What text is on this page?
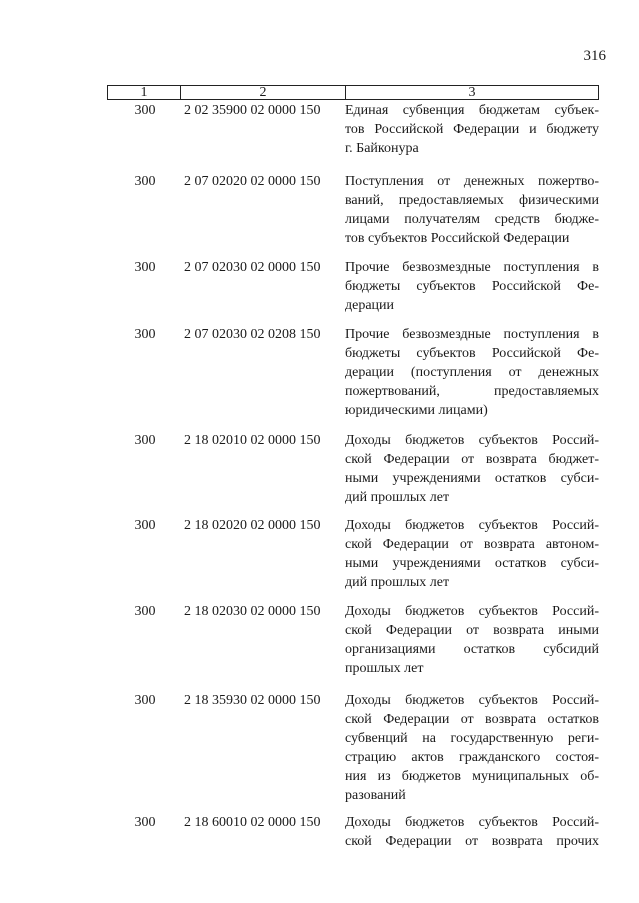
316
1	2	3
300	2 02 35900 02 0000 150	Единая субвенция бюджетам субъек-
тов Российской Федерации и бюджету
г. Байконура
300	2 07 02020 02 0000 150	Поступления от денежных пожертво-
ваний, предоставляемых физическими
лицами получателям средств бюдже-
тов субъектов Российской Федерации
300	2 07 02030 02 0000 150	Прочие безвозмездные поступления в
бюджеты субъектов Российской Фе-
дерации
300	2 07 02030 02 0208 150	Прочие безвозмездные поступления в
бюджеты субъектов Российской Фе-
дерации (поступления от денежных
пожертвований, предоставляемых
юридическими лицами)
300	2 18 02010 02 0000 150	Доходы бюджетов субъектов Россий-
ской Федерации от возврата бюджет-
ными учреждениями остатков субси-
дий прошлых лет
300	2 18 02020 02 0000 150	Доходы бюджетов субъектов Россий-
ской Федерации от возврата автоном-
ными учреждениями остатков субси-
дий прошлых лет
300	2 18 02030 02 0000 150	Доходы бюджетов субъектов Россий-
ской Федерации от возврата иными
организациями остатков субсидий
прошлых лет
300	2 18 35930 02 0000 150	Доходы бюджетов субъектов Россий-
ской Федерации от возврата остатков
субвенций на государственную реги-
страцию актов гражданского состоя-
ния из бюджетов муниципальных об-
разований
300	2 18 60010 02 0000 150	Доходы бюджетов субъектов Россий-
ской Федерации от возврата прочих
